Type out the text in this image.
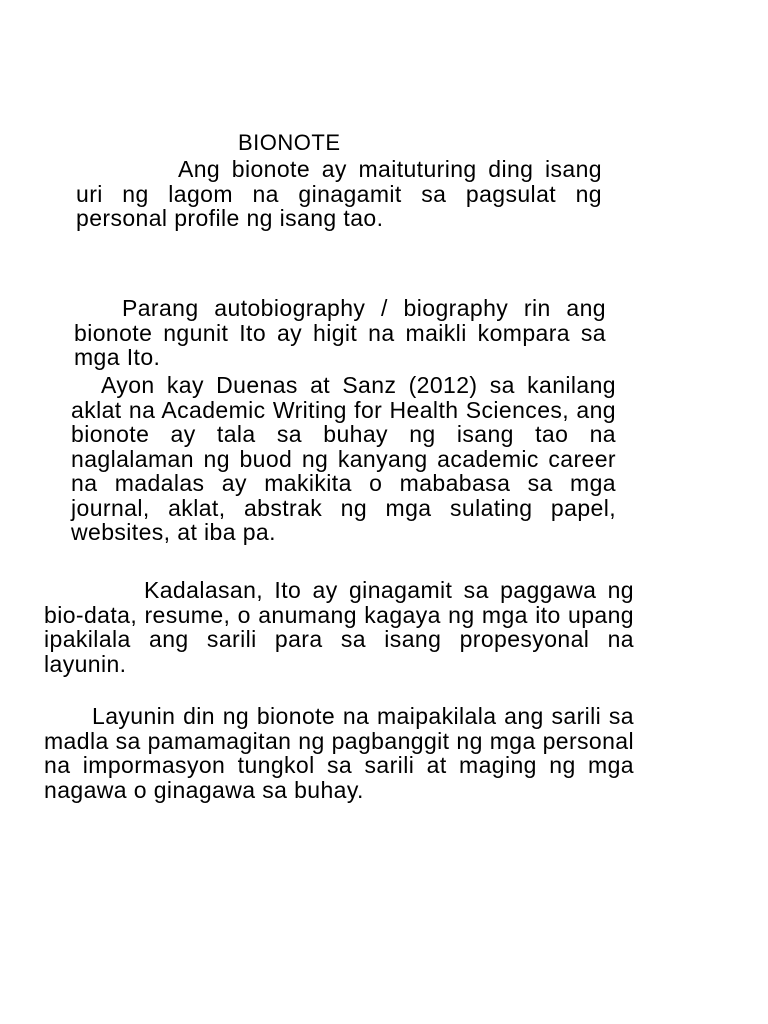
BIONOTE

Ang bionote ay maituturing ding isang uri ng lagom na ginagamit sa pagsulat ng personal profile ng isang tao.

Parang autobiography / biography rin ang bionote ngunit Ito ay higit na maikli kompara sa mga Ito.

Ayon kay Duenas at Sanz (2012) sa kanilang aklat na Academic Writing for Health Sciences, ang bionote ay tala sa buhay ng isang tao na naglalaman ng buod ng kanyang academic career na madalas ay makikita o mababasa sa mga journal, aklat, abstrak ng mga sulating papel, websites, at iba pa.

Kadalasan, Ito ay ginagamit sa paggawa ng bio-data, resume, o anumang kagaya ng mga ito upang ipakilala ang sarili para sa isang propesyonal na layunin.

Layunin din ng bionote na maipakilala ang sarili sa madla sa pamamagitan ng pagbanggit ng mga personal na impormasyon tungkol sa sarili at maging ng mga nagawa o ginagawa sa buhay.
